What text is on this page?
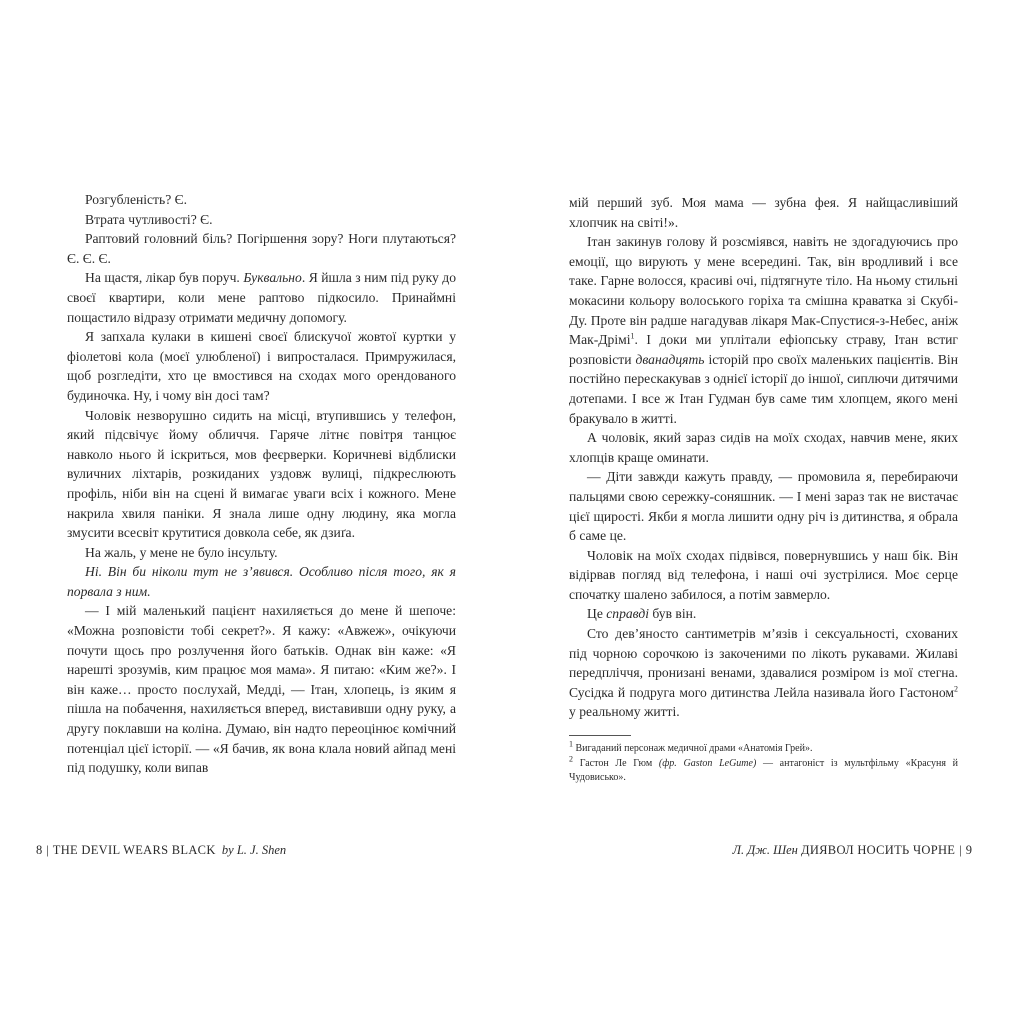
Розгубленість? Є.

Втрата чутливості? Є.

Раптовий головний біль? Погіршення зору? Ноги плутаються? Є. Є. Є.

На щастя, лікар був поруч. Буквально. Я йшла з ним під руку до своєї квартири, коли мене раптово підкосило. Принаймні пощастило відразу отримати медичну допомогу.

Я запхала кулаки в кишені своєї блискучої жовтої куртки у фіолетові кола (моєї улюбленої) і випросталася. Примружилася, щоб розгледіти, хто це вмостився на сходах мого орендованого будиночка. Ну, і чому він досі там?

Чоловік незворушно сидить на місці, втупившись у телефон, який підсвічує йому обличчя. Гаряче літнє повітря танцює навколо нього й іскриться, мов феєрверки. Коричневі відблиски вуличних ліхтарів, розкиданих уздовж вулиці, підкреслюють профіль, ніби він на сцені й вимагає уваги всіх і кожного. Мене накрила хвиля паніки. Я знала лише одну людину, яка могла змусити всесвіт крутитися довкола себе, як дзиґа.

На жаль, у мене не було інсульту.

Ні. Він би ніколи тут не з’явився. Особливо після того, як я порвала з ним.

— І мій маленький пацієнт нахиляється до мене й шепоче: «Можна розповісти тобі секрет?». Я кажу: «Авжеж», очікуючи почути щось про розлучення його батьків. Однак він каже: «Я нарешті зрозумів, ким працює моя мама». Я питаю: «Ким же?». І він каже… просто послухай, Медді, — Ітан, хлопець, із яким я пішла на побачення, нахиляється вперед, виставивши одну руку, а другу поклавши на коліна. Думаю, він надто переоцінює комічний потенціал цієї історії. — «Я бачив, як вона клала новий айпад мені під подушку, коли випав

мій перший зуб. Моя мама — зубна фея. Я найщасливіший хлопчик на світі!».

Ітан закинув голову й розсміявся, навіть не здогадуючись про емоції, що вирують у мене всередині. Так, він вродливий і все таке. Гарне волосся, красиві очі, підтягнуте тіло. На ньому стильні мокасини кольору волоського горіха та смішна краватка зі Скубі-Ду. Проте він радше нагадував лікаря Мак-Спустися-з-Небес, аніж Мак-Дрімі$^1$. І доки ми уплітали ефіопську страву, Ітан встиг розповісти дванадцять історій про своїх маленьких пацієнтів. Він постійно перескакував з однієї історії до іншої, сиплючи дитячими дотепами. І все ж Ітан Гудман був саме тим хлопцем, якого мені бракувало в житті.

А чоловік, який зараз сидів на моїх сходах, навчив мене, яких хлопців краще оминати.

— Діти завжди кажуть правду, — промовила я, перебираючи пальцями свою сережку-соняшник. — І мені зараз так не вистачає цієї щирості. Якби я могла лишити одну річ із дитинства, я обрала б саме це.

Чоловік на моїх сходах підвівся, повернувшись у наш бік. Він відірвав погляд від телефона, і наші очі зустрілися. Моє серце спочатку шалено забилося, а потім завмерло.

Це справді був він.

Сто дев’яносто сантиметрів м’язів і сексуальності, схованих під чорною сорочкою із закоченими по лікоть рукавами. Жилаві передпліччя, пронизані венами, здавалися розміром із мої стегна. Сусідка й подруга мого дитинства Лейла називала його Гастоном$^2$ у реальному житті.

$^1$ Вигаданий персонаж медичної драми «Анатомія Грей».

$^2$ Гастон Ле Гюм (фр. Gaston LeGume) — антагоніст із мультфільму «Красуня й Чудовисько».

8 | THE DEVIL WEARS BLACK by L. J. Shen	Л. Дж. Шен ДИЯВОЛ НОСИТЬ ЧОРНЕ | 9
